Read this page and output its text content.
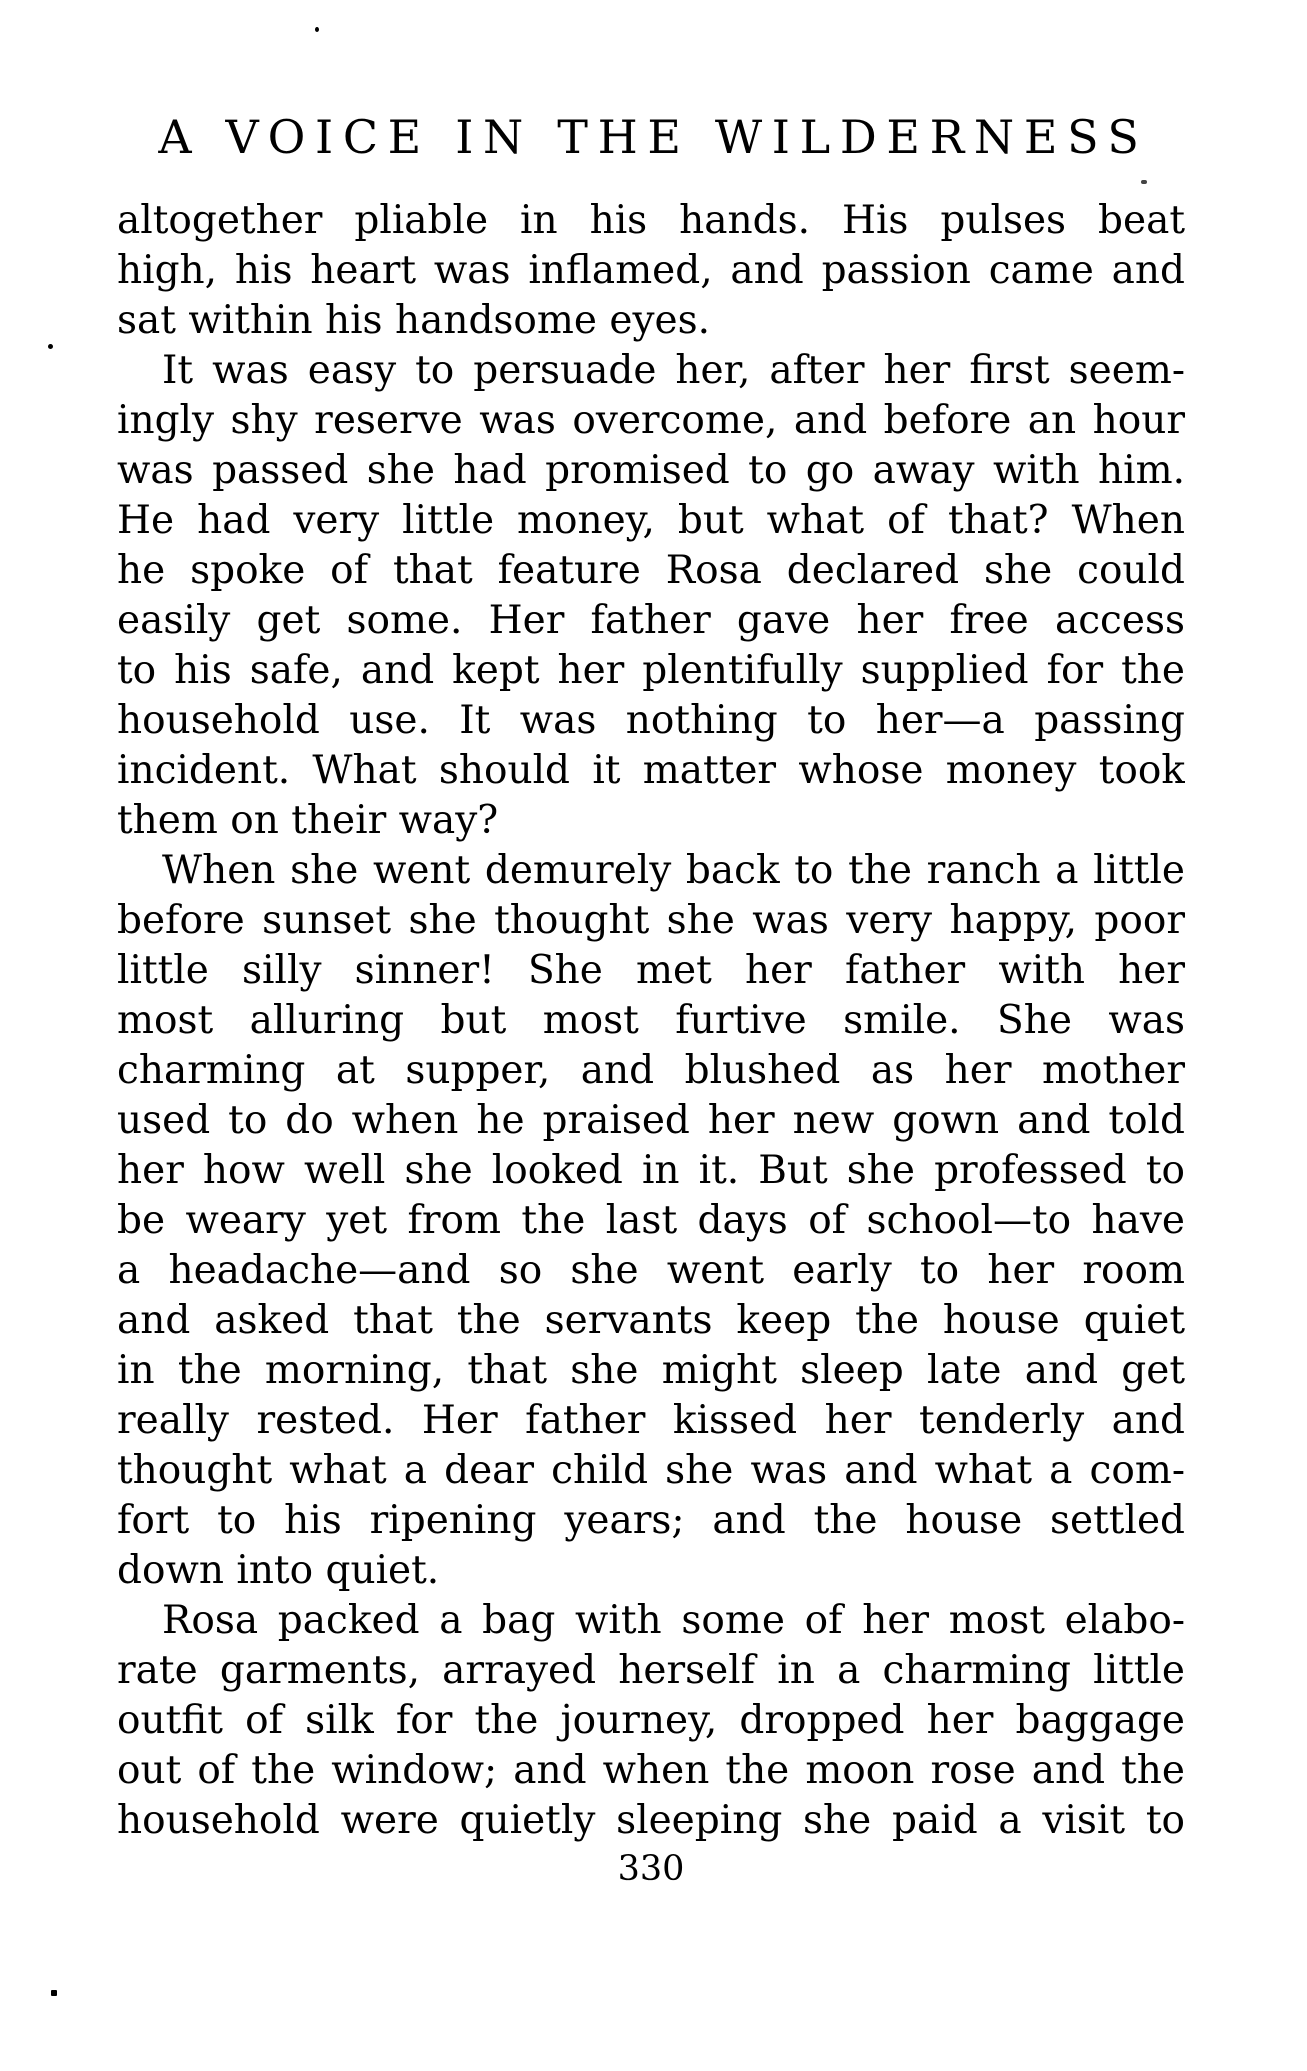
A VOICE IN THE WILDERNESS
altogether pliable in his hands. His pulses beat
high, his heart was inflamed, and passion came and
sat within his handsome eyes.
It was easy to persuade her, after her first seem-
ingly shy reserve was overcome, and before an hour
was passed she had promised to go away with him.
He had very little money, but what of that? When
he spoke of that feature Rosa declared she could
easily get some. Her father gave her free access
to his safe, and kept her plentifully supplied for the
household use. It was nothing to her—a passing
incident. What should it matter whose money took
them on their way?
When she went demurely back to the ranch a little
before sunset she thought she was very happy, poor
little silly sinner! She met her father with her
most alluring but most furtive smile. She was
charming at supper, and blushed as her mother
used to do when he praised her new gown and told
her how well she looked in it. But she professed to
be weary yet from the last days of school—to have
a headache—and so she went early to her room
and asked that the servants keep the house quiet
in the morning, that she might sleep late and get
really rested. Her father kissed her tenderly and
thought what a dear child she was and what a com-
fort to his ripening years; and the house settled
down into quiet.
Rosa packed a bag with some of her most elabo-
rate garments, arrayed herself in a charming little
outfit of silk for the journey, dropped her baggage
out of the window; and when the moon rose and the
household were quietly sleeping she paid a visit to
330
